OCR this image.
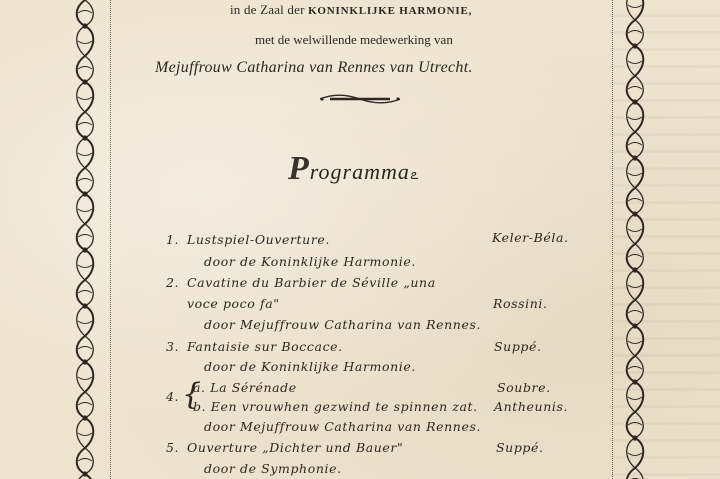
in de Zaal der KONINKLIJKE HARMONIE,
met de welwillende medewerking van
Mejuffrouw Catharina van Rennes van Utrecht.
Programmaఽ
1. Lustspiel-Ouverture.
door de Koninklijke Harmonie.
Keler-Béla.
2. Cavatine du Barbier de Séville „una
voce poco fa"
door Mejuffrouw Catharina van Rennes.
Rossini.
3. Fantaisie sur Boccace.
door de Koninklijke Harmonie.
Suppé.
4. {
a. La Sérénade
b. Een vrouwhen gezwind te spinnen zat.
door Mejuffrouw Catharina van Rennes.
Soubre.
Antheunis.
5. Ouverture „Dichter und Bauer"
door de Symphonie.
Suppé.
